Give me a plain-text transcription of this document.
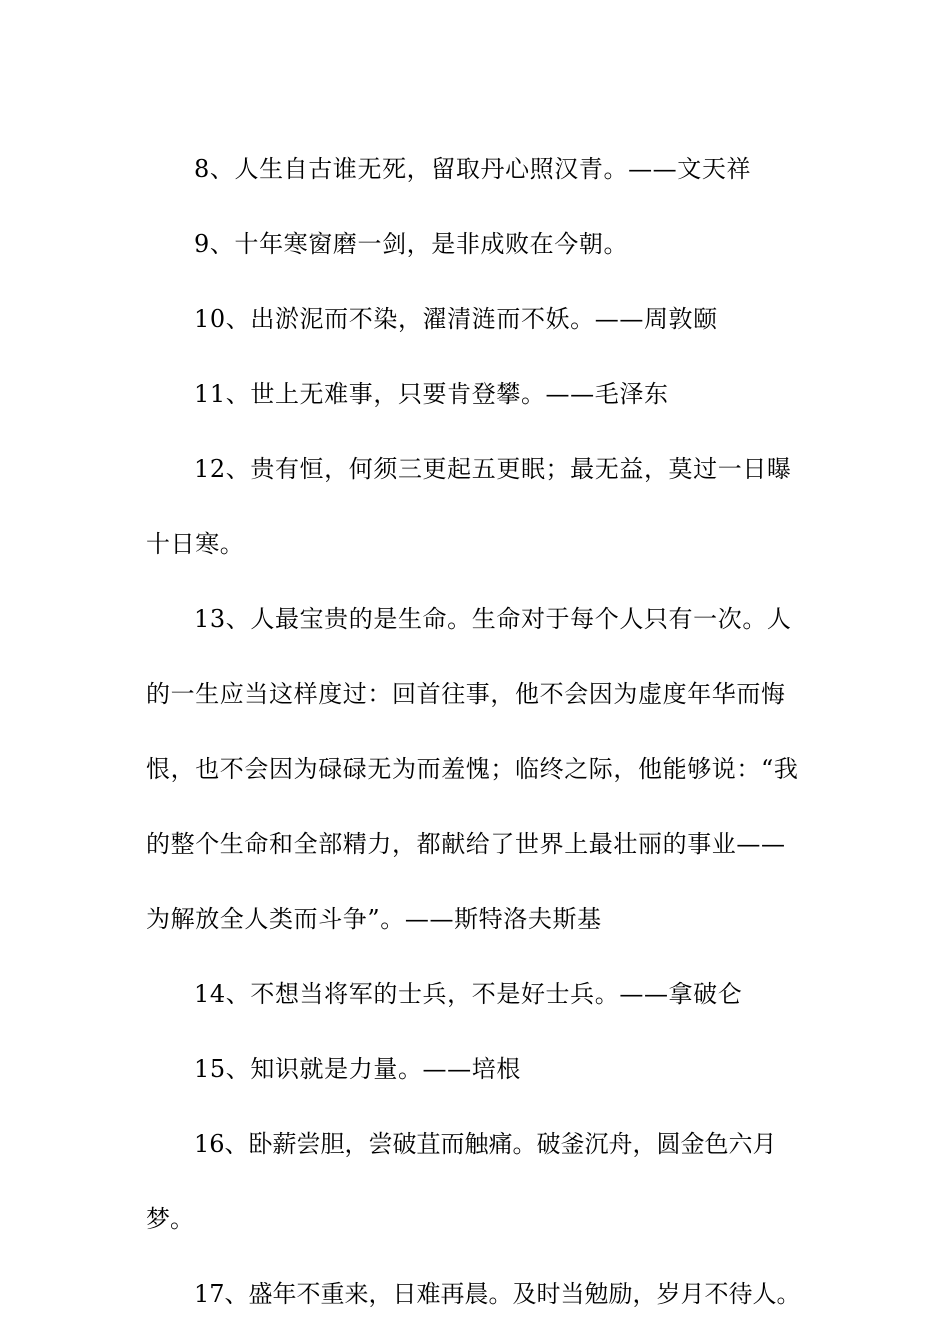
8、人生自古谁无死，留取丹心照汉青。——文天祥

9、十年寒窗磨一剑，是非成败在今朝。

10、出淤泥而不染，濯清涟而不妖。——周敦颐

11、世上无难事，只要肯登攀。——毛泽东

12、贵有恒，何须三更起五更眠；最无益，莫过一日曝十日寒。

13、人最宝贵的是生命。生命对于每个人只有一次。人的一生应当这样度过：回首往事，他不会因为虚度年华而悔恨，也不会因为碌碌无为而羞愧；临终之际，他能够说：“我的整个生命和全部精力，都献给了世界上最壮丽的事业——为解放全人类而斗争”。——斯特洛夫斯基

14、不想当将军的士兵，不是好士兵。——拿破仑

15、知识就是力量。——培根

16、卧薪尝胆，尝破苴而触痛。破釜沉舟，圆金色六月梦。

17、盛年不重来，日难再晨。及时当勉励，岁月不待人。
